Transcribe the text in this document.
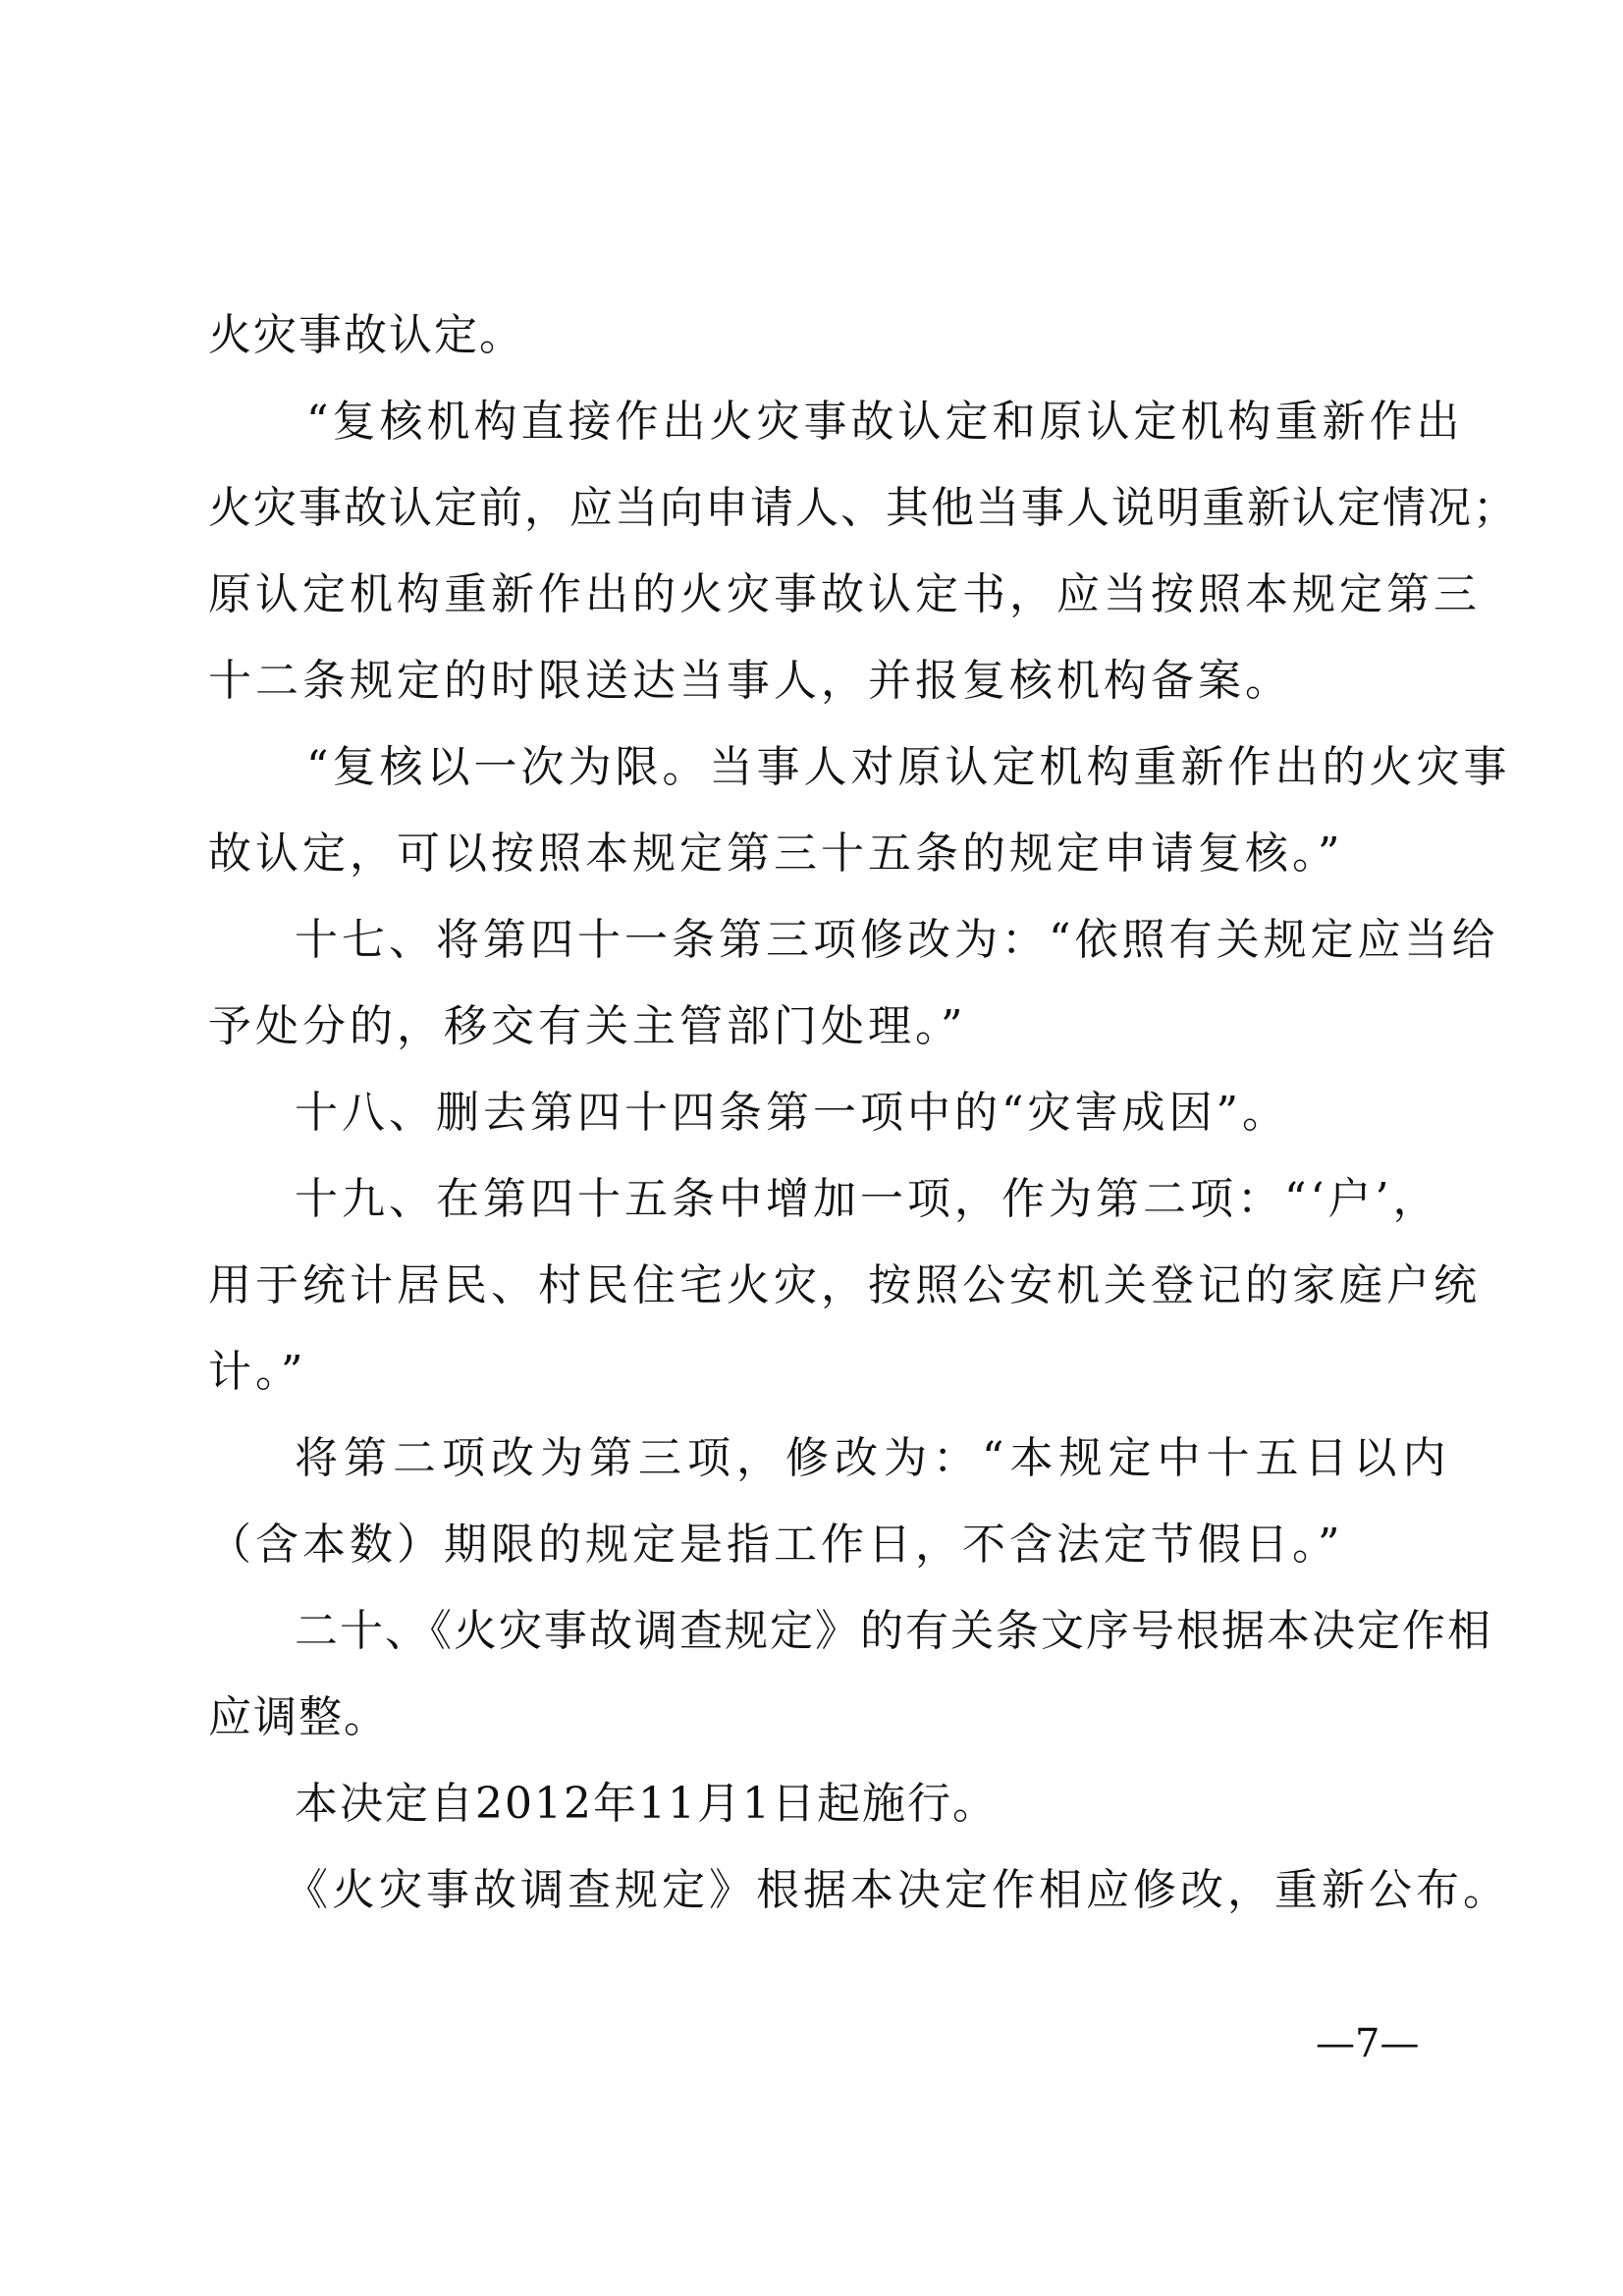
火灾事故认定。

“复核机构直接作出火灾事故认定和原认定机构重新作出

火灾事故认定前，应当向申请人、其他当事人说明重新认定情况；

原认定机构重新作出的火灾事故认定书，应当按照本规定第三

十二条规定的时限送达当事人，并报复核机构备案。

“复核以一次为限。当事人对原认定机构重新作出的火灾事

故认定，可以按照本规定第三十五条的规定申请复核。”

十七、将第四十一条第三项修改为：“依照有关规定应当给

予处分的，移交有关主管部门处理。”

十八、删去第四十四条第一项中的“灾害成因”。

十九、在第四十五条中增加一项，作为第二项：“‘户’，

用于统计居民、村民住宅火灾，按照公安机关登记的家庭户统

计。”

将第二项改为第三项，修改为：“本规定中十五日以内

（含本数）期限的规定是指工作日，不含法定节假日。”

二十、《火灾事故调查规定》的有关条文序号根据本决定作相

应调整。

本决定自2012年11月1日起施行。

《火灾事故调查规定》根据本决定作相应修改，重新公布。

—7—
